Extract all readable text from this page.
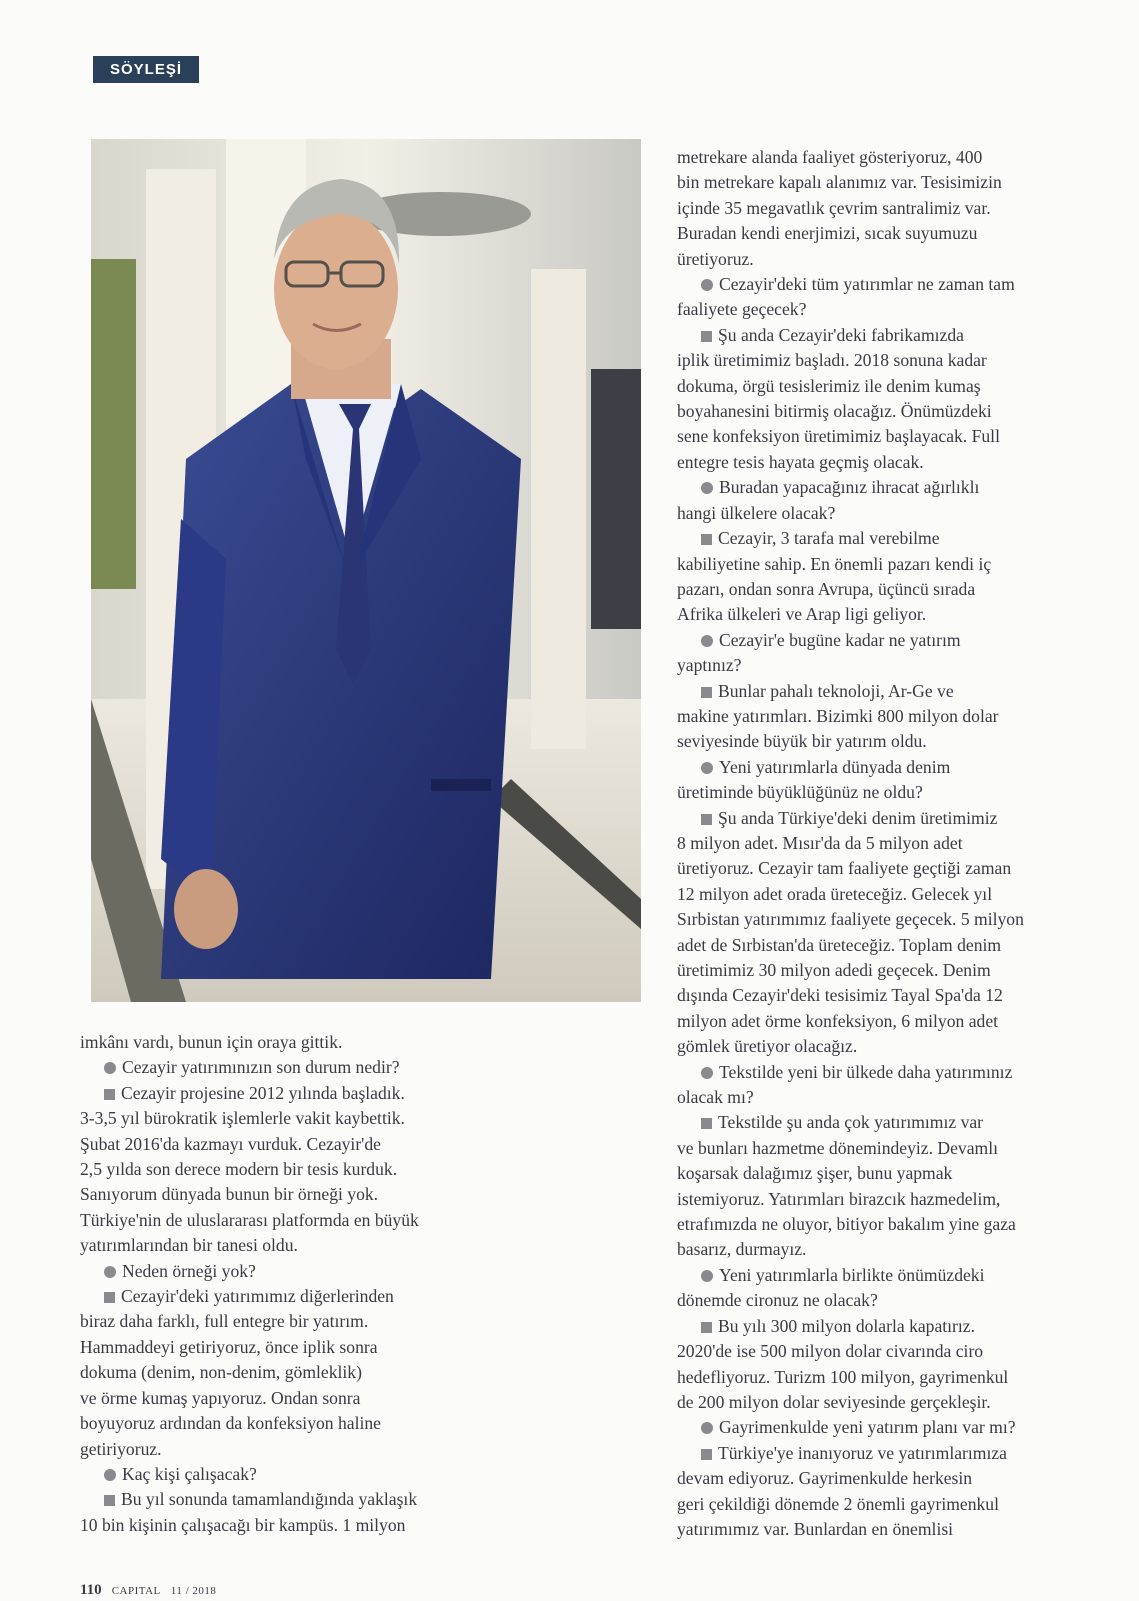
SÖYLEŞİ

imkânı vardı, bunun için oraya gittik.

Cezayir yatırımınızın son durum nedir?

Cezayir projesine 2012 yılında başladık.

3-3,5 yıl bürokratik işlemlerle vakit kaybettik.

Şubat 2016'da kazmayı vurduk. Cezayir'de

2,5 yılda son derece modern bir tesis kurduk.

Sanıyorum dünyada bunun bir örneği yok.

Türkiye'nin de uluslararası platformda en büyük

yatırımlarından bir tanesi oldu.

Neden örneği yok?

Cezayir'deki yatırımımız diğerlerinden

biraz daha farklı, full entegre bir yatırım.

Hammaddeyi getiriyoruz, önce iplik sonra

dokuma (denim, non-denim, gömleklik)

ve örme kumaş yapıyoruz. Ondan sonra

boyuyoruz ardından da konfeksiyon haline

getiriyoruz.

Kaç kişi çalışacak?

Bu yıl sonunda tamamlandığında yaklaşık

10 bin kişinin çalışacağı bir kampüs. 1 milyon

metrekare alanda faaliyet gösteriyoruz, 400

bin metrekare kapalı alanımız var. Tesisimizin

içinde 35 megavatlık çevrim santralimiz var.

Buradan kendi enerjimizi, sıcak suyumuzu

üretiyoruz.

Cezayir'deki tüm yatırımlar ne zaman tam

faaliyete geçecek?

Şu anda Cezayir'deki fabrikamızda

iplik üretimimiz başladı. 2018 sonuna kadar

dokuma, örgü tesislerimiz ile denim kumaş

boyahanesini bitirmiş olacağız. Önümüzdeki

sene konfeksiyon üretimimiz başlayacak. Full

entegre tesis hayata geçmiş olacak.

Buradan yapacağınız ihracat ağırlıklı

hangi ülkelere olacak?

Cezayir, 3 tarafa mal verebilme

kabiliyetine sahip. En önemli pazarı kendi iç

pazarı, ondan sonra Avrupa, üçüncü sırada

Afrika ülkeleri ve Arap ligi geliyor.

Cezayir'e bugüne kadar ne yatırım

yaptınız?

Bunlar pahalı teknoloji, Ar-Ge ve

makine yatırımları. Bizimki 800 milyon dolar

seviyesinde büyük bir yatırım oldu.

Yeni yatırımlarla dünyada denim

üretiminde büyüklüğünüz ne oldu?

Şu anda Türkiye'deki denim üretimimiz

8 milyon adet. Mısır'da da 5 milyon adet

üretiyoruz. Cezayir tam faaliyete geçtiği zaman

12 milyon adet orada üreteceğiz. Gelecek yıl

Sırbistan yatırımımız faaliyete geçecek. 5 milyon

adet de Sırbistan'da üreteceğiz. Toplam denim

üretimimiz 30 milyon adedi geçecek. Denim

dışında Cezayir'deki tesisimiz Tayal Spa'da 12

milyon adet örme konfeksiyon, 6 milyon adet

gömlek üretiyor olacağız.

Tekstilde yeni bir ülkede daha yatırımınız

olacak mı?

Tekstilde şu anda çok yatırımımız var

ve bunları hazmetme dönemindeyiz. Devamlı

koşarsak dalağımız şişer, bunu yapmak

istemiyoruz. Yatırımları birazcık hazmedelim,

etrafımızda ne oluyor, bitiyor bakalım yine gaza

basarız, durmayız.

Yeni yatırımlarla birlikte önümüzdeki

dönemde cironuz ne olacak?

Bu yılı 300 milyon dolarla kapatırız.

2020'de ise 500 milyon dolar civarında ciro

hedefliyoruz. Turizm 100 milyon, gayrimenkul

de 200 milyon dolar seviyesinde gerçekleşir.

Gayrimenkulde yeni yatırım planı var mı?

Türkiye'ye inanıyoruz ve yatırımlarımıza

devam ediyoruz. Gayrimenkulde herkesin

geri çekildiği dönemde 2 önemli gayrimenkul

yatırımımız var. Bunlardan en önemlisi

110 CAPITAL 11 / 2018
